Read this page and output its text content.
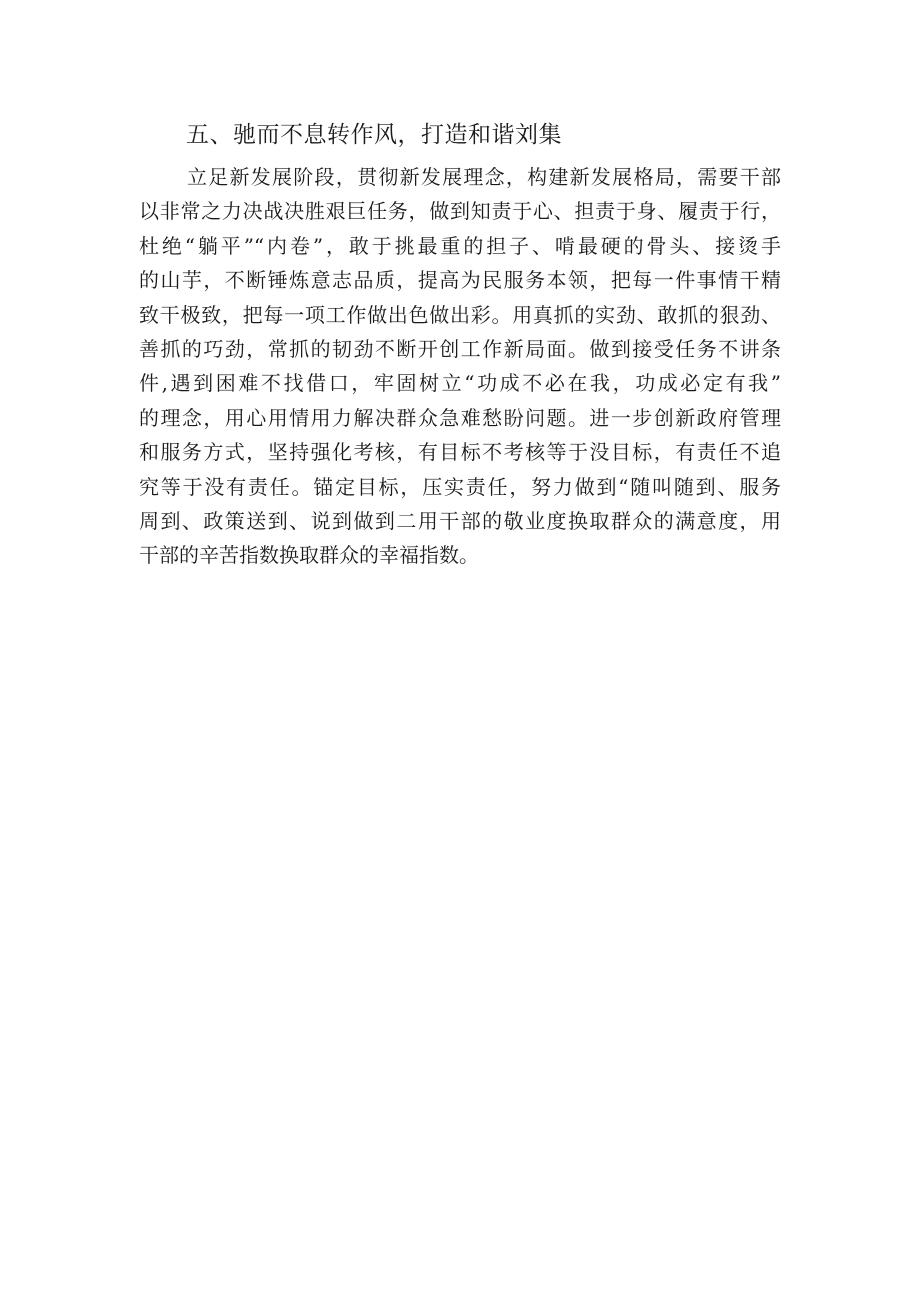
五、驰而不息转作风，打造和谐刘集
立足新发展阶段，贯彻新发展理念，构建新发展格局，需要干部
以非常之力决战决胜艰巨任务，做到知责于心、担责于身、履责于行，
杜绝“躺平”“内卷”，敢于挑最重的担子、啃最硬的骨头、接烫手
的山芋，不断锤炼意志品质，提高为民服务本领，把每一件事情干精
致干极致，把每一项工作做出色做出彩。用真抓的实劲、敢抓的狠劲、
善抓的巧劲，常抓的韧劲不断开创工作新局面。做到接受任务不讲条
件,遇到困难不找借口，牢固树立“功成不必在我，功成必定有我”
的理念，用心用情用力解决群众急难愁盼问题。进一步创新政府管理
和服务方式，坚持强化考核，有目标不考核等于没目标，有责任不追
究等于没有责任。锚定目标，压实责任，努力做到“随叫随到、服务
周到、政策送到、说到做到二用干部的敬业度换取群众的满意度，用
干部的辛苦指数换取群众的幸福指数。
